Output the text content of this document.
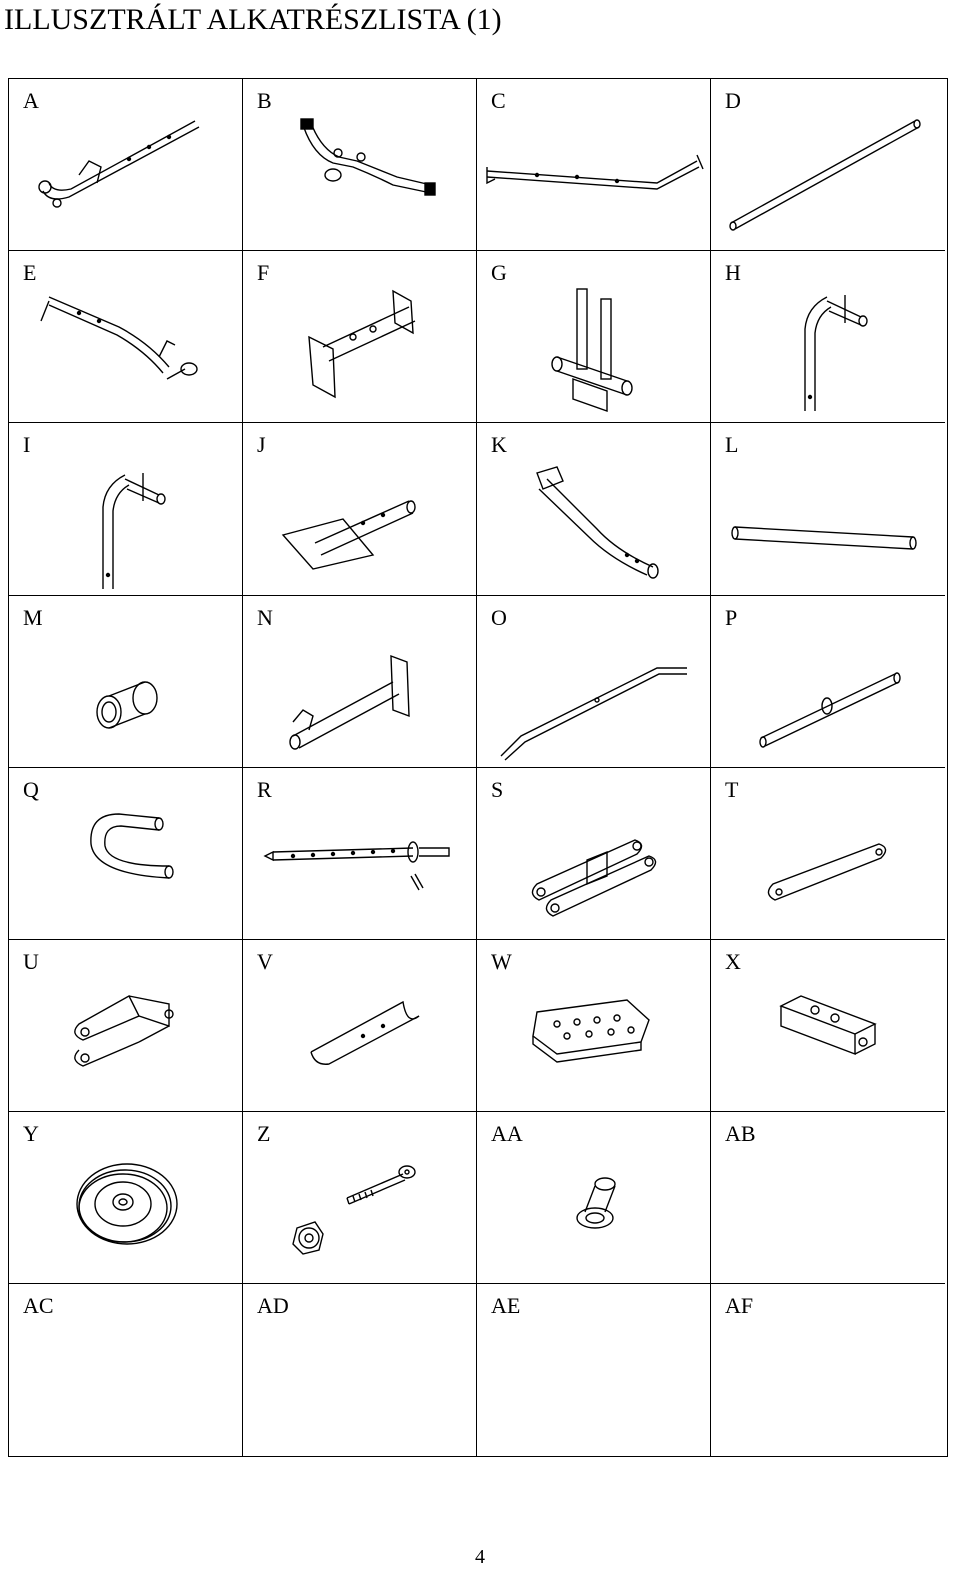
ILLUSZTRÁLT ALKATRÉSZLISTA (1)
A	B	C	D
E	F	G	H
I	J	K	L
M	N	O	P
Q	R	S	T
U	V	W	X
Y	Z	AA	AB
AC	AD	AE	AF
4
